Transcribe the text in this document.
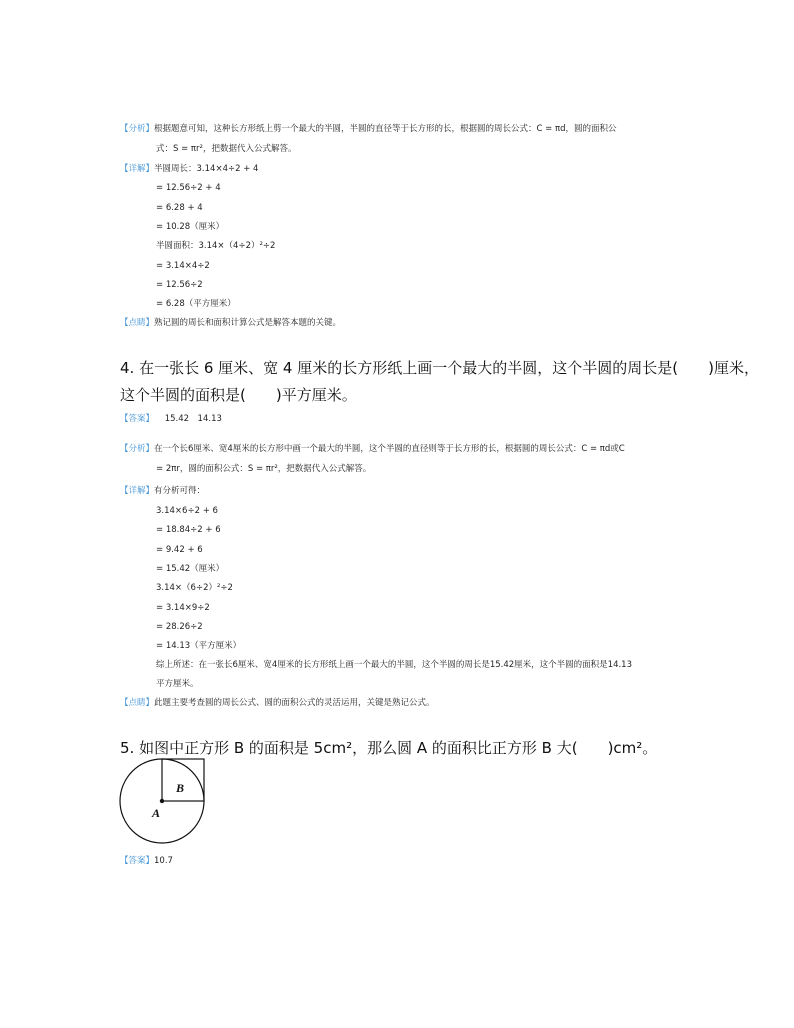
【分析】根据题意可知，这种长方形纸上剪一个最大的半圆，半圆的直径等于长方形的长，根据圆的周长公式：C = πd，圆的面积公
式：S = πr²，把数据代入公式解答。
【详解】半圆周长：3.14×4÷2 + 4
= 12.56÷2 + 4
= 6.28 + 4
= 10.28（厘米）
半圆面积：3.14×（4÷2）²÷2
= 3.14×4÷2
= 12.56÷2
= 6.28（平方厘米）
【点睛】熟记圆的周长和面积计算公式是解答本题的关键。
4. 在一张长 6 厘米、宽 4 厘米的长方形纸上画一个最大的半圆，这个半圆的周长是(　　)厘米，
这个半圆的面积是(　　)平方厘米。
【答案】 15.42　14.13
【分析】在一个长6厘米、宽4厘米的长方形中画一个最大的半圆，这个半圆的直径则等于长方形的长，根据圆的周长公式：C = πd或C
= 2πr，圆的面积公式：S = πr²，把数据代入公式解答。
【详解】有分析可得：
3.14×6÷2 + 6
= 18.84÷2 + 6
= 9.42 + 6
= 15.42（厘米）
3.14×（6÷2）²÷2
= 3.14×9÷2
= 28.26÷2
= 14.13（平方厘米）
综上所述：在一张长6厘米、宽4厘米的长方形纸上画一个最大的半圆，这个半圆的周长是15.42厘米，这个半圆的面积是14.13
平方厘米。
【点睛】此题主要考查圆的周长公式、圆的面积公式的灵活运用，关键是熟记公式。
5. 如图中正方形 B 的面积是 5cm²，那么圆 A 的面积比正方形 B 大(　　)cm²。
B
A
【答案】10.7
